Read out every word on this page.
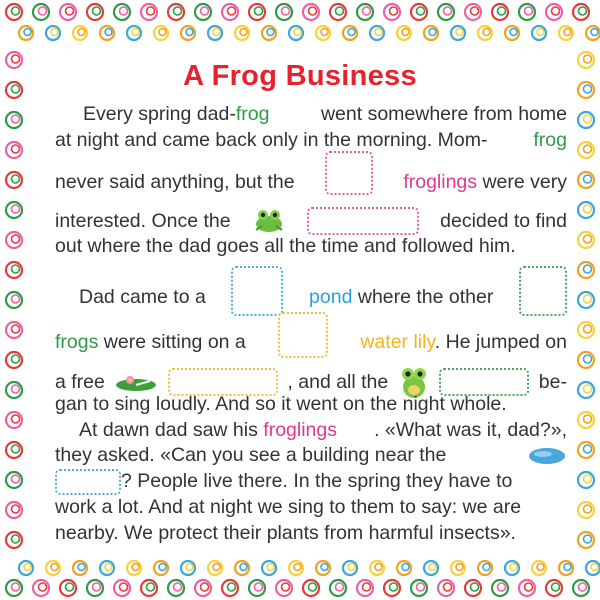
A Frog Business
Every spring dad-frog	went somewhere from home
at night and came back only in the morning. Mom- frog
never said anything, but the	froglings were very
interested. Once the	decided to find
out where the dad goes all the time and followed him.
Dad came to a	pond where the other
frogs were sitting on a	water lily. He jumped on
a free	, and all the	be-
gan to sing loudly. And so it went on the night whole.
At dawn dad saw his froglings . «What was it, dad?»,
they asked. «Can you see a building near the
? People live there. In the spring they have to
work a lot. And at night we sing to them to say: we are
nearby. We protect their plants from harmful insects».
